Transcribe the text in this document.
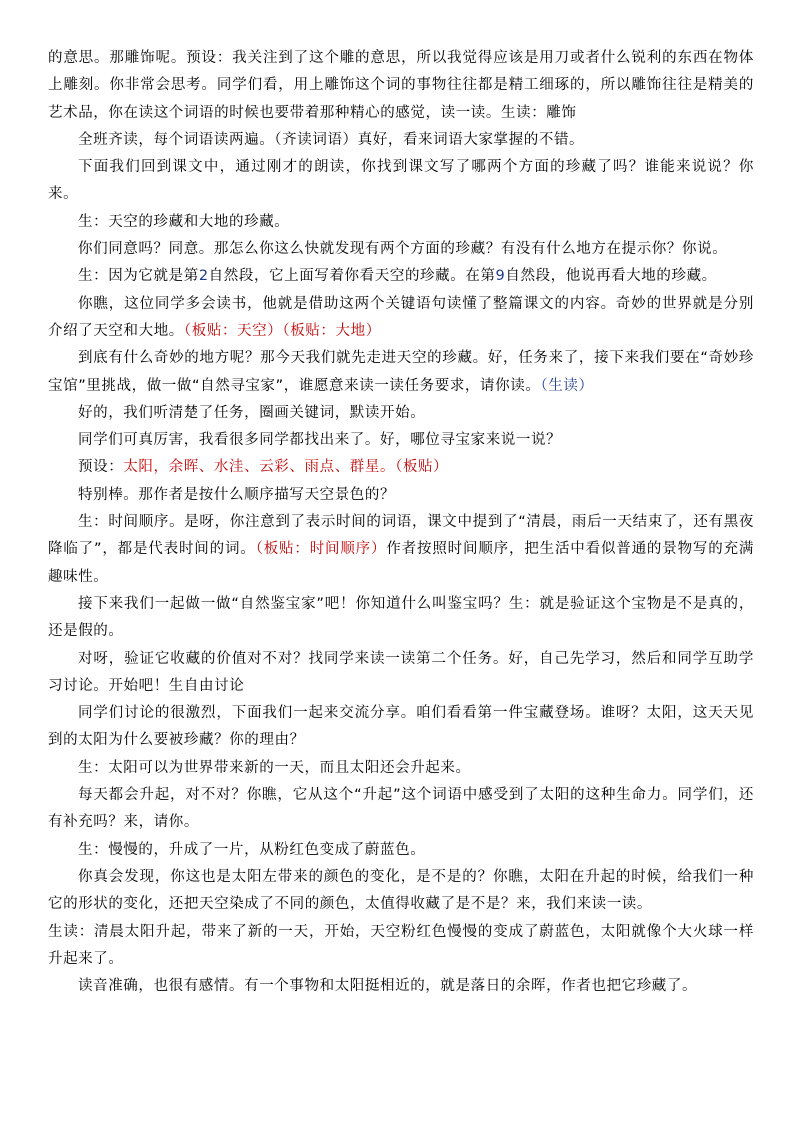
的意思。那雕饰呢。预设：我关注到了这个雕的意思，所以我觉得应该是用刀或者什么锐利的东西在物体上雕刻。你非常会思考。同学们看，用上雕饰这个词的事物往往都是精工细琢的，所以雕饰往往是精美的艺术品，你在读这个词语的时候也要带着那种精心的感觉，读一读。生读：雕饰

全班齐读，每个词语读两遍。（齐读词语）真好，看来词语大家掌握的不错。

下面我们回到课文中，通过刚才的朗读，你找到课文写了哪两个方面的珍藏了吗？谁能来说说？你来。

生：天空的珍藏和大地的珍藏。

你们同意吗？同意。那怎么你这么快就发现有两个方面的珍藏？有没有什么地方在提示你？你说。

生：因为它就是第2自然段，它上面写着你看天空的珍藏。在第9自然段，他说再看大地的珍藏。

你瞧，这位同学多会读书，他就是借助这两个关键语句读懂了整篇课文的内容。奇妙的世界就是分别介绍了天空和大地。（板贴：天空）（板贴：大地）

到底有什么奇妙的地方呢？那今天我们就先走进天空的珍藏。好，任务来了，接下来我们要在“奇妙珍宝馆”里挑战，做一做“自然寻宝家”，谁愿意来读一读任务要求，请你读。（生读）

好的，我们听清楚了任务，圈画关键词，默读开始。

同学们可真厉害，我看很多同学都找出来了。好，哪位寻宝家来说一说？

预设：太阳，余晖、水洼、云彩、雨点、群星。（板贴）

特别棒。那作者是按什么顺序描写天空景色的？

生：时间顺序。是呀，你注意到了表示时间的词语，课文中提到了“清晨，雨后一天结束了，还有黑夜降临了”，都是代表时间的词。（板贴：时间顺序）作者按照时间顺序，把生活中看似普通的景物写的充满趣味性。

接下来我们一起做一做“自然鉴宝家”吧！你知道什么叫鉴宝吗？生：就是验证这个宝物是不是真的，还是假的。

对呀，验证它收藏的价值对不对？找同学来读一读第二个任务。好，自己先学习，然后和同学互助学习讨论。开始吧！生自由讨论

同学们讨论的很激烈，下面我们一起来交流分享。咱们看看第一件宝藏登场。谁呀？太阳，这天天见到的太阳为什么要被珍藏？你的理由？

生：太阳可以为世界带来新的一天，而且太阳还会升起来。

每天都会升起，对不对？你瞧，它从这个“升起”这个词语中感受到了太阳的这种生命力。同学们，还有补充吗？来，请你。

生：慢慢的，升成了一片，从粉红色变成了蔚蓝色。

你真会发现，你这也是太阳左带来的颜色的变化，是不是的？你瞧，太阳在升起的时候，给我们一种它的形状的变化，还把天空染成了不同的颜色，太值得收藏了是不是？来，我们来读一读。

生读：清晨太阳升起，带来了新的一天，开始，天空粉红色慢慢的变成了蔚蓝色，太阳就像个大火球一样升起来了。

读音准确，也很有感情。有一个事物和太阳挺相近的，就是落日的余晖，作者也把它珍藏了。
